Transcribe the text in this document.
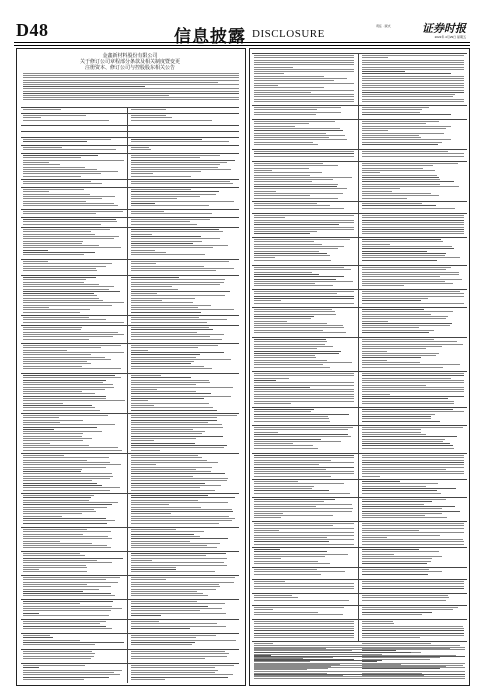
D48	信息披露 DISCLOSURE
责任 · 版式	证券时报
2022年 4月29日 星期五
金鑫新材料股份有限公司
关于修订公司章程部分条款及相关制度暨变更
注册资本、修订公司与控股股东相关公告
